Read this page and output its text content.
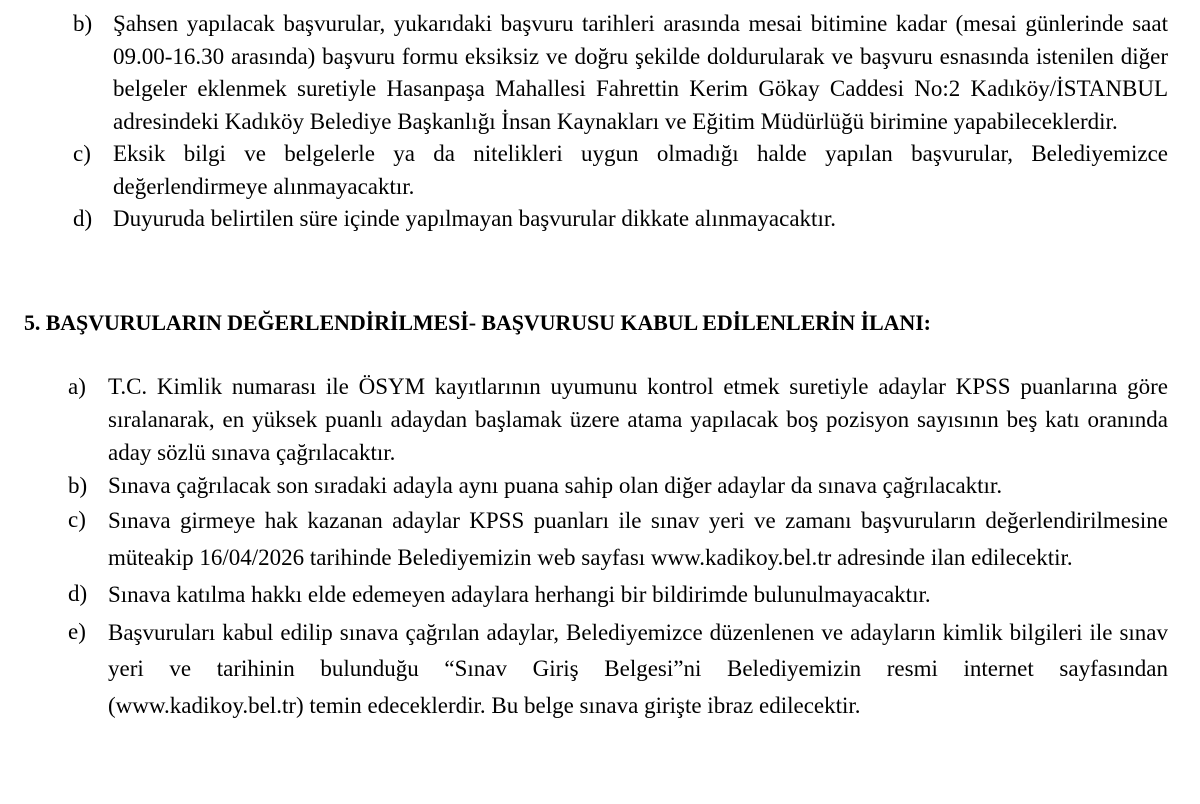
b) Şahsen yapılacak başvurular, yukarıdaki başvuru tarihleri arasında mesai bitimine kadar (mesai günlerinde saat 09.00-16.30 arasında) başvuru formu eksiksiz ve doğru şekilde doldurularak ve başvuru esnasında istenilen diğer belgeler eklenmek suretiyle Hasanpaşa Mahallesi Fahrettin Kerim Gökay Caddesi No:2 Kadıköy/İSTANBUL adresindeki Kadıköy Belediye Başkanlığı İnsan Kaynakları ve Eğitim Müdürlüğü birimine yapabileceklerdir.
c) Eksik bilgi ve belgelerle ya da nitelikleri uygun olmadığı halde yapılan başvurular, Belediyemizce değerlendirmeye alınmayacaktır.
d) Duyuruda belirtilen süre içinde yapılmayan başvurular dikkate alınmayacaktır.
5. BAŞVURULARIN DEĞERLENDİRİLMESİ- BAŞVURUSU KABUL EDİLENLERİN İLANI:
a) T.C. Kimlik numarası ile ÖSYM kayıtlarının uyumunu kontrol etmek suretiyle adaylar KPSS puanlarına göre sıralanarak, en yüksek puanlı adaydan başlamak üzere atama yapılacak boş pozisyon sayısının beş katı oranında aday sözlü sınava çağrılacaktır.
b) Sınava çağrılacak son sıradaki adayla aynı puana sahip olan diğer adaylar da sınava çağrılacaktır.
c) Sınava girmeye hak kazanan adaylar KPSS puanları ile sınav yeri ve zamanı başvuruların değerlendirilmesine müteakip 16/04/2026 tarihinde Belediyemizin web sayfası www.kadikoy.bel.tr adresinde ilan edilecektir.
d) Sınava katılma hakkı elde edemeyen adaylara herhangi bir bildirimde bulunulmayacaktır.
e) Başvuruları kabul edilip sınava çağrılan adaylar, Belediyemizce düzenlenen ve adayların kimlik bilgileri ile sınav yeri ve tarihinin bulunduğu “Sınav Giriş Belgesi”ni Belediyemizin resmi internet sayfasından (www.kadikoy.bel.tr) temin edeceklerdir. Bu belge sınava girişte ibraz edilecektir.
